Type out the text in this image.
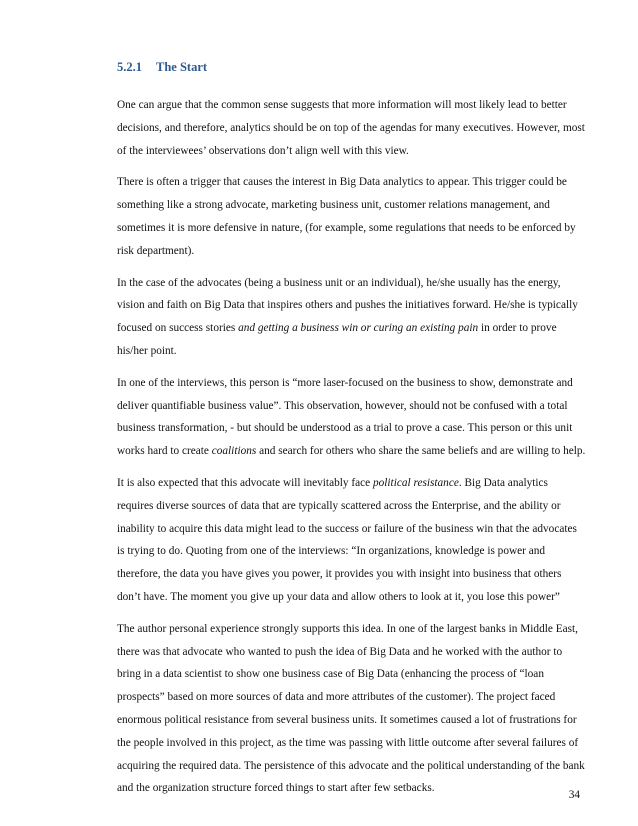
5.2.1 The Start

One can argue that the common sense suggests that more information will most likely lead to better decisions, and therefore, analytics should be on top of the agendas for many executives. However, most of the interviewees’ observations don’t align well with this view.

There is often a trigger that causes the interest in Big Data analytics to appear. This trigger could be something like a strong advocate, marketing business unit, customer relations management, and sometimes it is more defensive in nature, (for example, some regulations that needs to be enforced by risk department).

In the case of the advocates (being a business unit or an individual), he/she usually has the energy, vision and faith on Big Data that inspires others and pushes the initiatives forward. He/she is typically focused on success stories and getting a business win or curing an existing pain in order to prove his/her point.

In one of the interviews, this person is “more laser-focused on the business to show, demonstrate and deliver quantifiable business value”. This observation, however, should not be confused with a total business transformation, - but should be understood as a trial to prove a case. This person or this unit works hard to create coalitions and search for others who share the same beliefs and are willing to help.

It is also expected that this advocate will inevitably face political resistance. Big Data analytics requires diverse sources of data that are typically scattered across the Enterprise, and the ability or inability to acquire this data might lead to the success or failure of the business win that the advocates is trying to do. Quoting from one of the interviews: “In organizations, knowledge is power and therefore, the data you have gives you power, it provides you with insight into business that others don’t have. The moment you give up your data and allow others to look at it, you lose this power”

The author personal experience strongly supports this idea. In one of the largest banks in Middle East, there was that advocate who wanted to push the idea of Big Data and he worked with the author to bring in a data scientist to show one business case of Big Data (enhancing the process of “loan prospects” based on more sources of data and more attributes of the customer). The project faced enormous political resistance from several business units. It sometimes caused a lot of frustrations for the people involved in this project, as the time was passing with little outcome after several failures of acquiring the required data. The persistence of this advocate and the political understanding of the bank and the organization structure forced things to start after few setbacks.

34
